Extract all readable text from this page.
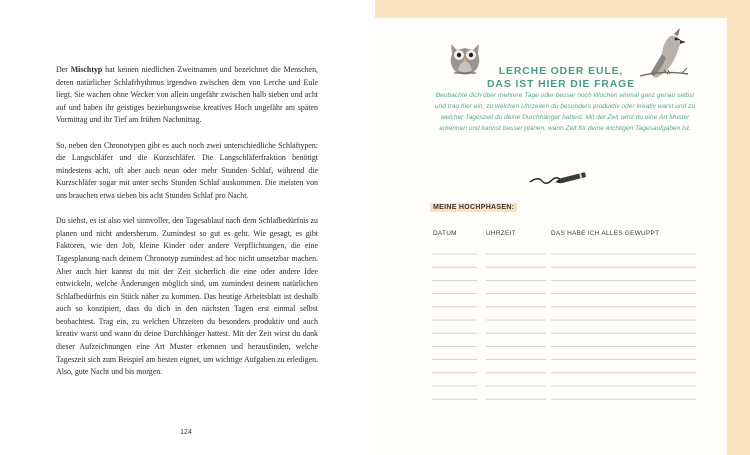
Der Mischtyp hat keinen niedlichen Zweitnamen und bezeichnet die Menschen, deren natürlicher Schlafrhythmus irgendwo zwischen dem von Lerche und Eule liegt. Sie wachen ohne Wecker von allein ungefähr zwischen halb sieben und acht auf und haben ihr geistiges beziehungsweise kreatives Hoch ungefähr am späten Vormittag und ihr Tief am frühen Nachmittag.

So, neben den Chronotypen gibt es auch noch zwei unterschiedliche Schlaftypen: die Langschläfer und die Kurzschläfer. Die Langschläferfraktion benötigt mindestens acht, oft aber auch neun oder mehr Stunden Schlaf, während die Kurzschläfer sogar mit unter sechs Stunden Schlaf auskommen. Die meisten von uns brauchen etwa sieben bis acht Stunden Schlaf pro Nacht.

Du siehst, es ist also viel sinnvoller, den Tagesablauf nach dem Schlafbedürfnis zu planen und nicht andersherum. Zumindest so gut es geht. Wie gesagt, es gibt Faktoren, wie den Job, kleine Kinder oder andere Verpflichtungen, die eine Tagesplanung nach deinem Chronotyp zumindest ad hoc nicht umsetzbar machen. Aber auch hier kannst du mit der Zeit sicherlich die eine oder andere Idee entwickeln, welche Änderungen möglich sind, um zumindest deinem natürlichen Schlafbedürfnis ein Stück näher zu kommen. Das heutige Arbeitsblatt ist deshalb auch so konzipiert, dass du dich in den nächsten Tagen erst einmal selbst beobachtest. Trag ein, zu welchen Uhrzeiten du besonders produktiv und auch kreativ warst und wann du deine Durchhänger hattest. Mit der Zeit wirst du dank dieser Aufzeichnungen eine Art Muster erkennen und herausfinden, welche Tageszeit sich zum Beispiel am besten eignet, um wichtige Aufgaben zu erledigen. Also, gute Nacht und bis morgen.

124
LERCHE ODER EULE,
DAS IST HIER DIE FRAGE
Beobachte dich über mehrere Tage oder besser noch Wochen einmal ganz genau selbst und trag hier ein, zu welchen Uhrzeiten du besonders produktiv oder kreativ warst und zu welcher Tageszeit du deine Durchhänger hattest. Mit der Zeit wirst du eine Art Muster erkennen und kannst besser planen, wann Zeit für deine wichtigen Tagesaufgaben ist.
MEINE HOCHPHASEN:
DATUM	UHRZEIT	DAS HABE ICH ALLES GEWUPPT
